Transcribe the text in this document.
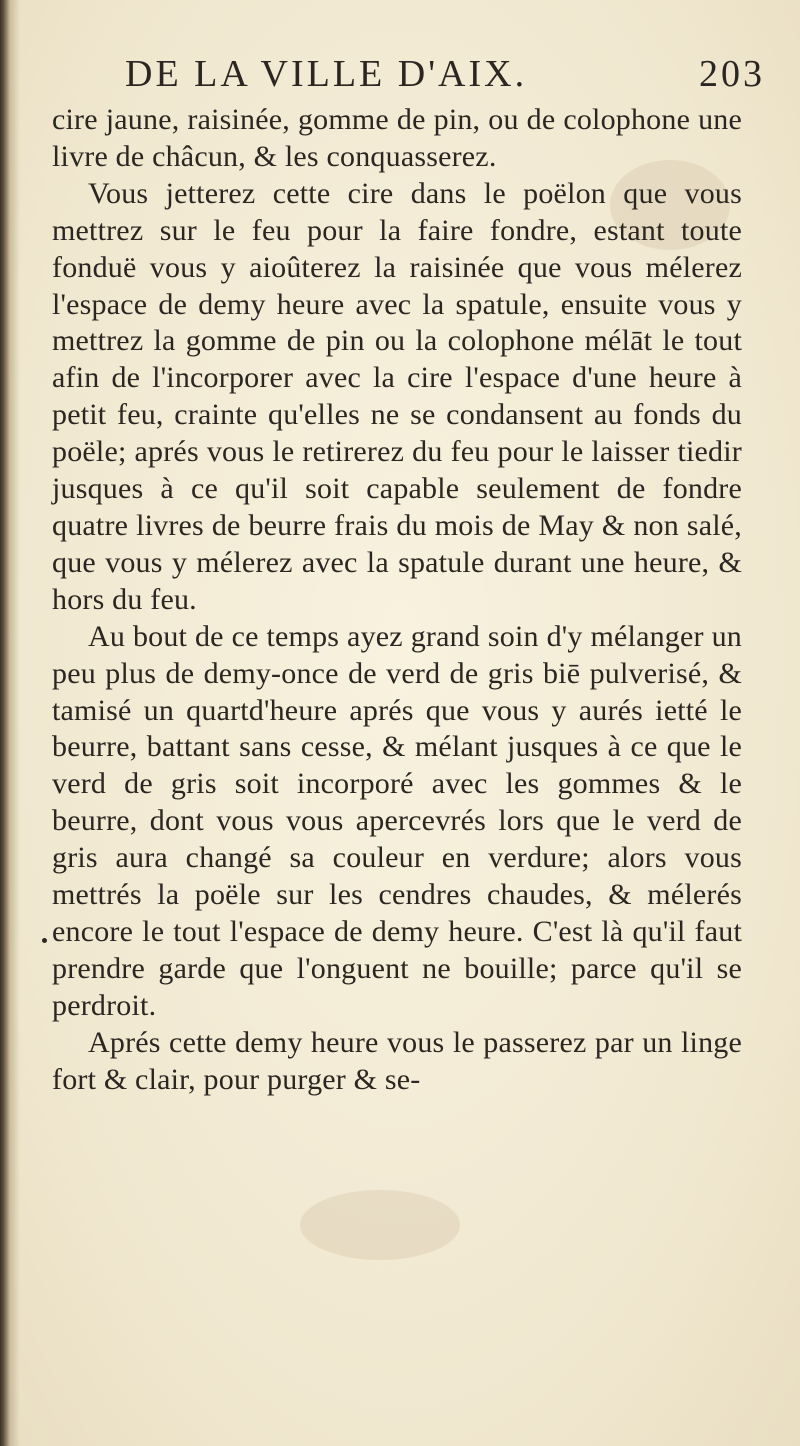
DE LA VILLE D'AIX.	203

cire jaune, raisinée, gomme de pin, ou de colophone une livre de châcun, & les conquasserez.

Vous jetterez cette cire dans le poëlon que vous mettrez sur le feu pour la faire fondre, estant toute fonduë vous y aioûterez la raisinée que vous mélerez l'espace de demy heure avec la spatule, ensuite vous y mettrez la gomme de pin ou la colophone mélāt le tout afin de l'incorporer avec la cire l'espace d'une heure à petit feu, crainte qu'elles ne se condansent au fonds du poële; aprés vous le retirerez du feu pour le laisser tiedir jusques à ce qu'il soit capable seulement de fondre quatre livres de beurre frais du mois de May & non salé, que vous y mélerez avec la spatule durant une heure, & hors du feu.

Au bout de ce temps ayez grand soin d'y mélanger un peu plus de demy-once de verd de gris biē pulverisé, & tamisé un quartd'heure aprés que vous y aurés ietté le beurre, battant sans cesse, & mélant jusques à ce que le verd de gris soit incorporé avec les gommes & le beurre, dont vous vous apercevrés lors que le verd de gris aura changé sa couleur en verdure; alors vous mettrés la poële sur les cendres chaudes, & mélerés encore le tout l'espace de demy heure. C'est là qu'il faut prendre garde que l'onguent ne bouille; parce qu'il se perdroit.

Aprés cette demy heure vous le passerez par un linge fort & clair, pour purger & se-
